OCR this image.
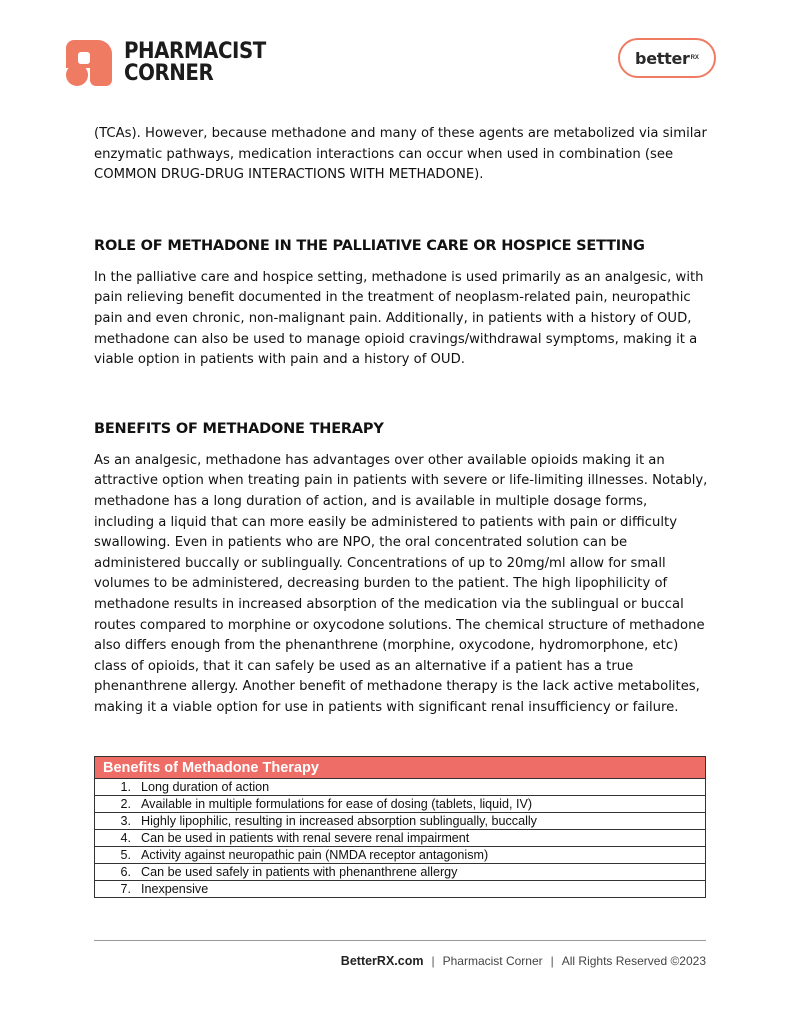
PHARMACIST
CORNER
better RX

(TCAs). However, because methadone and many of these agents are metabolized via similar enzymatic pathways, medication interactions can occur when used in combination (see COMMON DRUG-DRUG INTERACTIONS WITH METHADONE).

ROLE OF METHADONE IN THE PALLIATIVE CARE OR HOSPICE SETTING

In the palliative care and hospice setting, methadone is used primarily as an analgesic, with pain relieving benefit documented in the treatment of neoplasm-related pain, neuropathic pain and even chronic, non-malignant pain. Additionally, in patients with a history of OUD, methadone can also be used to manage opioid cravings/withdrawal symptoms, making it a viable option in patients with pain and a history of OUD.

BENEFITS OF METHADONE THERAPY

As an analgesic, methadone has advantages over other available opioids making it an attractive option when treating pain in patients with severe or life-limiting illnesses. Notably, methadone has a long duration of action, and is available in multiple dosage forms, including a liquid that can more easily be administered to patients with pain or difficulty swallowing. Even in patients who are NPO, the oral concentrated solution can be administered buccally or sublingually. Concentrations of up to 20mg/ml allow for small volumes to be administered, decreasing burden to the patient. The high lipophilicity of methadone results in increased absorption of the medication via the sublingual or buccal routes compared to morphine or oxycodone solutions. The chemical structure of methadone also differs enough from the phenanthrene (morphine, oxycodone, hydromorphone, etc) class of opioids, that it can safely be used as an alternative if a patient has a true phenanthrene allergy. Another benefit of methadone therapy is the lack active metabolites, making it a viable option for use in patients with significant renal insufficiency or failure.

Benefits of Methadone Therapy
1. Long duration of action
2. Available in multiple formulations for ease of dosing (tablets, liquid, IV)
3. Highly lipophilic, resulting in increased absorption sublingually, buccally
4. Can be used in patients with renal severe renal impairment
5. Activity against neuropathic pain (NMDA receptor antagonism)
6. Can be used safely in patients with phenanthrene allergy
7. Inexpensive
BetterRX.com | Pharmacist Corner | All Rights Reserved ©2023
